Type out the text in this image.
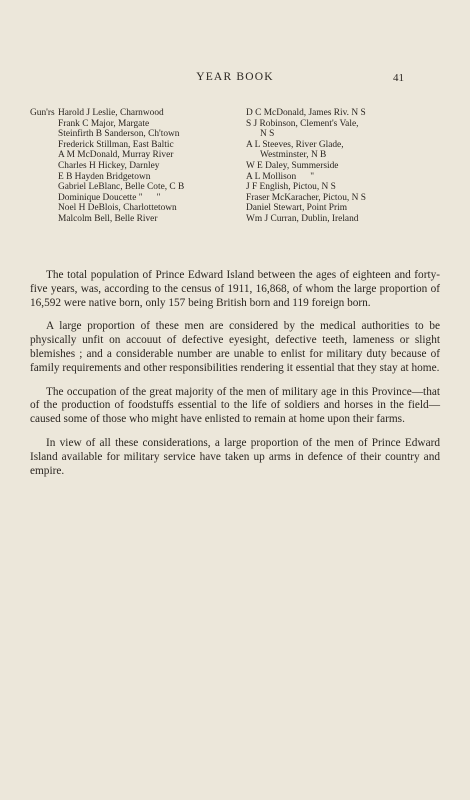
YEAR BOOK	41
Gun'rs Harold J Leslie, Charnwood
Frank C Major, Margate
Steinfirth B Sanderson, Ch'town
Frederick Stillman, East Baltic
A M McDonald, Murray River
Charles H Hickey, Darnley
E B Hayden Bridgetown
Gabriel LeBlanc, Belle Cote, C B
Dominique Doucette "      "
Noel H DeBlois, Charlottetown
Malcolm Bell, Belle River
D C McDonald, James Riv. N S
S J Robinson, Clement's Vale,
N S
A L Steeves, River Glade,
Westminster, N B
W E Daley, Summerside
A L Mollison      "
J F English, Pictou, N S
Fraser McKaracher, Pictou, N S
Daniel Stewart, Point Prim
Wm J Curran, Dublin, Ireland

The total population of Prince Edward Island between the ages of eighteen and forty-five years, was, according to the census of 1911, 16,868, of whom the large proportion of 16,592 were native born, only 157 being British born and 119 foreign born.

A large proportion of these men are considered by the medical authorities to be physically unfit on accouut of defective eyesight, defective teeth, lameness or slight blemishes ; and a considerable number are unable to enlist for military duty because of family requirements and other responsibilities rendering it essential that they stay at home.

The occupation of the great majority of the men of military age in this Province—that of the production of foodstuffs essential to the life of soldiers and horses in the field—caused some of those who might have enlisted to remain at home upon their farms.

In view of all these considerations, a large proportion of the men of Prince Edward Island available for military service have taken up arms in defence of their country and empire.
